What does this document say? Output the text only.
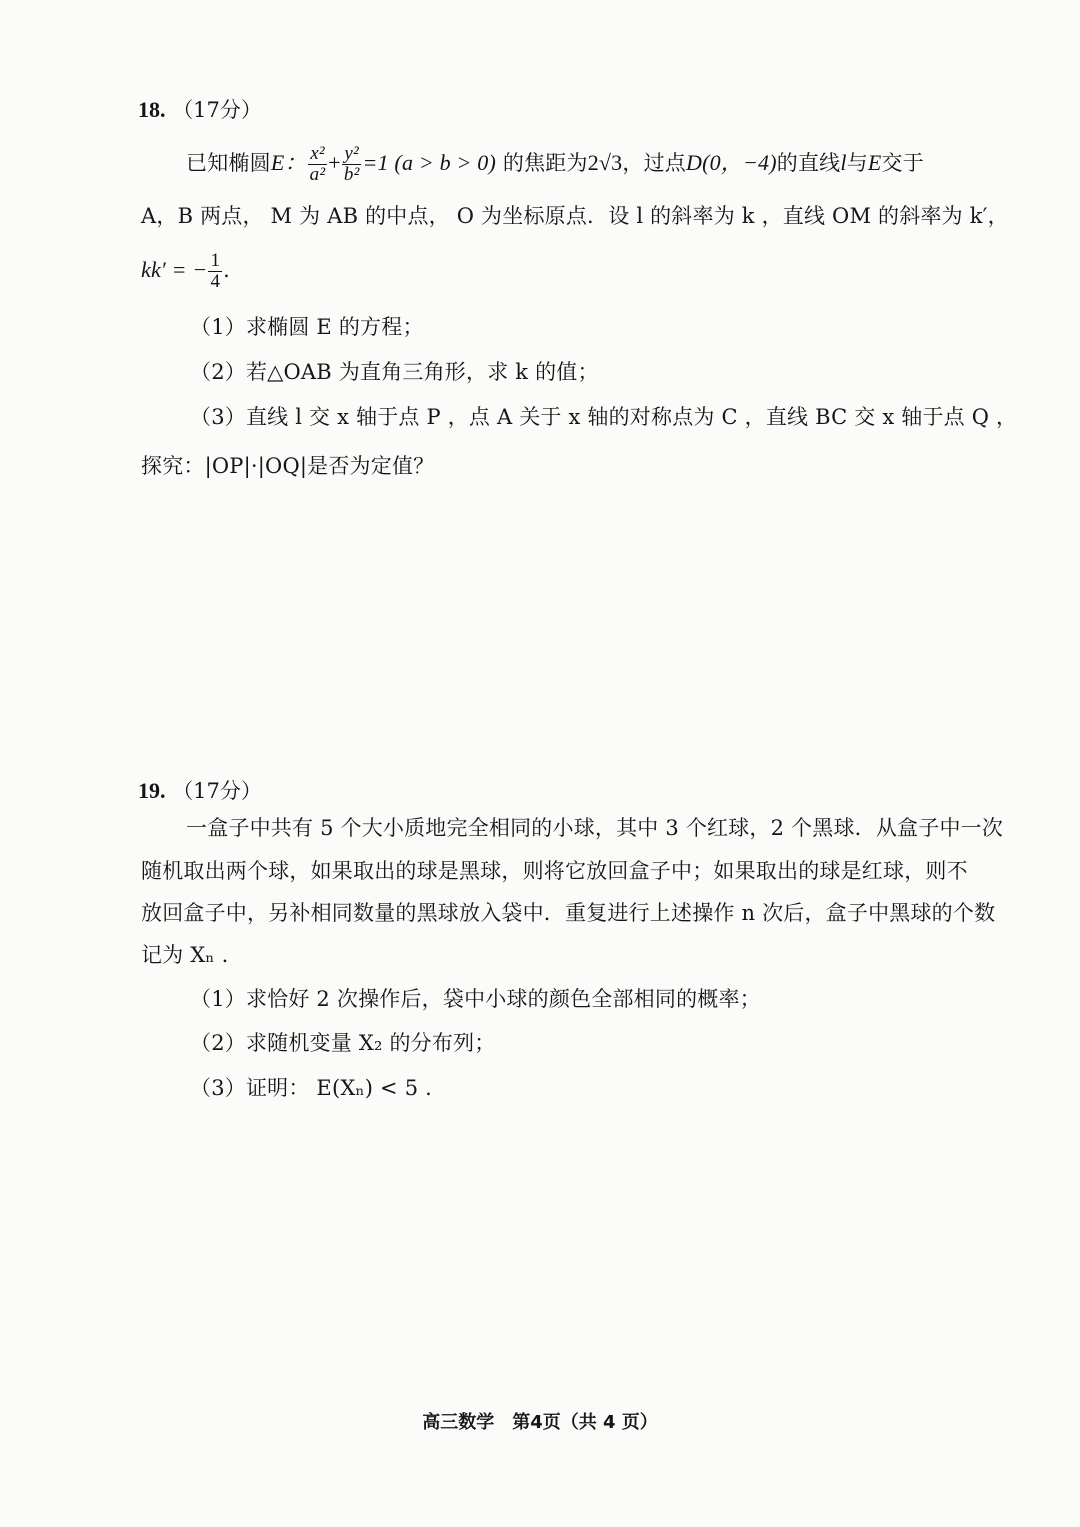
18. （17分）
已知椭圆E： $\frac{\text{x²}}{\text{a²}} + \frac{\text{y²}}{\text{b²}} =1$ (a > b > 0) 的焦距为2√3，过点D(0，−4)的直线l与E交于
A，B 两点， M 为 AB 的中点， O 为坐标原点．设 l 的斜率为 k ，直线 OM 的斜率为 k′，
kk′ = − $\frac{1}{4}$ .
（1）求椭圆 E 的方程；
（2）若△OAB 为直角三角形，求 k 的值；
（3）直线 l 交 x 轴于点 P ，点 A 关于 x 轴的对称点为 C ，直线 BC 交 x 轴于点 Q ，
探究：|OP|·|OQ|是否为定值？
19. （17分）
一盒子中共有 5 个大小质地完全相同的小球，其中 3 个红球，2 个黑球．从盒子中一次
随机取出两个球，如果取出的球是黑球，则将它放回盒子中；如果取出的球是红球，则不
放回盒子中，另补相同数量的黑球放入袋中．重复进行上述操作 n 次后，盒子中黑球的个数
记为 Xₙ .
（1）求恰好 2 次操作后，袋中小球的颜色全部相同的概率；
（2）求随机变量 X₂ 的分布列；
（3）证明： E(Xₙ) < 5 .
高三数学　第4页（共 4 页）
